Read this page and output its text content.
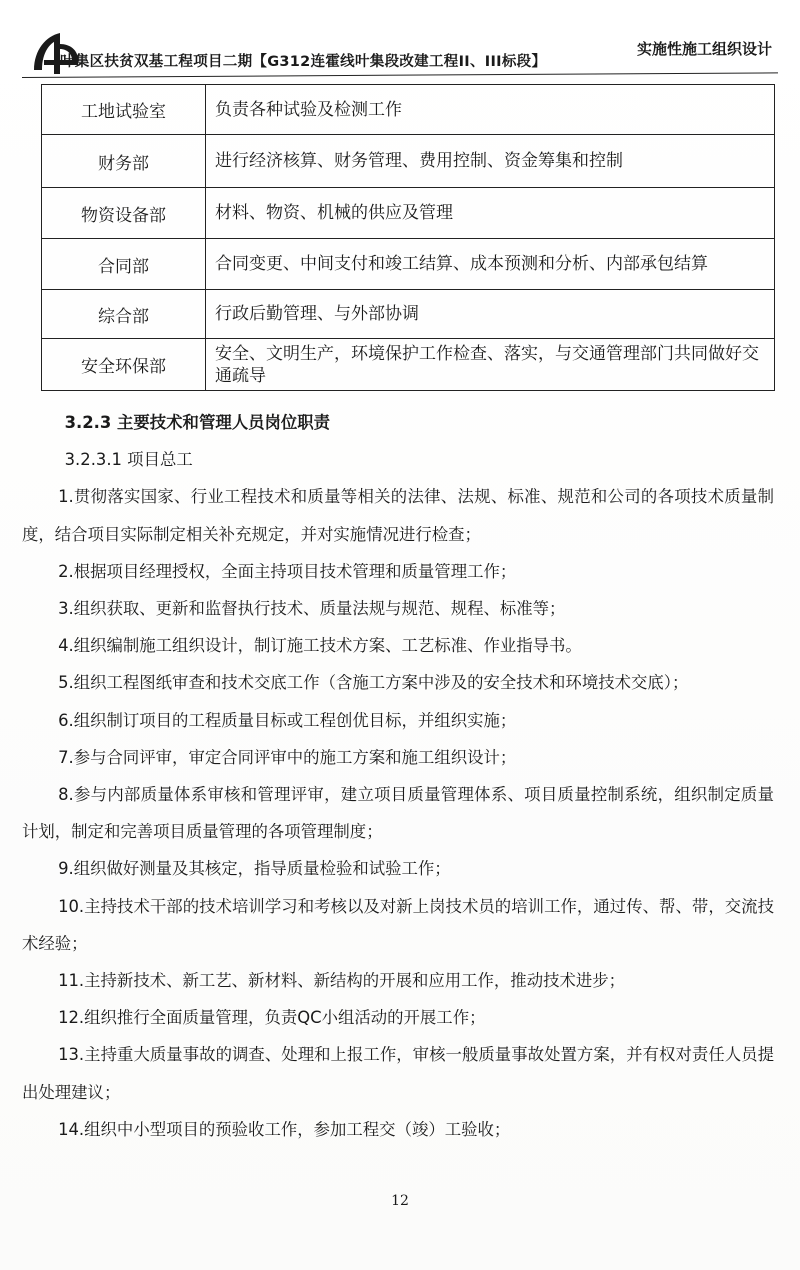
叶集区扶贫双基工程项目二期【G312连霍线叶集段改建工程II、III标段】
实施性施工组织设计
工地试验室	负责各种试验及检测工作
财务部	进行经济核算、财务管理、费用控制、资金筹集和控制
物资设备部	材料、物资、机械的供应及管理
合同部	合同变更、中间支付和竣工结算、成本预测和分析、内部承包结算
综合部	行政后勤管理、与外部协调
安全环保部	安全、文明生产，环境保护工作检查、落实，与交通管理部门共同做好交通疏导

3.2.3 主要技术和管理人员岗位职责

3.2.3.1 项目总工

1.贯彻落实国家、行业工程技术和质量等相关的法律、法规、标准、规范和公司的各项技术质量制度，结合项目实际制定相关补充规定，并对实施情况进行检查；

2.根据项目经理授权，全面主持项目技术管理和质量管理工作；

3.组织获取、更新和监督执行技术、质量法规与规范、规程、标准等；

4.组织编制施工组织设计，制订施工技术方案、工艺标准、作业指导书。

5.组织工程图纸审查和技术交底工作（含施工方案中涉及的安全技术和环境技术交底）；

6.组织制订项目的工程质量目标或工程创优目标，并组织实施；

7.参与合同评审，审定合同评审中的施工方案和施工组织设计；

8.参与内部质量体系审核和管理评审，建立项目质量管理体系、项目质量控制系统，组织制定质量计划，制定和完善项目质量管理的各项管理制度；

9.组织做好测量及其核定，指导质量检验和试验工作；

10.主持技术干部的技术培训学习和考核以及对新上岗技术员的培训工作，通过传、帮、带，交流技术经验；

11.主持新技术、新工艺、新材料、新结构的开展和应用工作，推动技术进步；

12.组织推行全面质量管理，负责QC小组活动的开展工作；

13.主持重大质量事故的调查、处理和上报工作，审核一般质量事故处置方案，并有权对责任人员提出处理建议；

14.组织中小型项目的预验收工作，参加工程交（竣）工验收；

12
